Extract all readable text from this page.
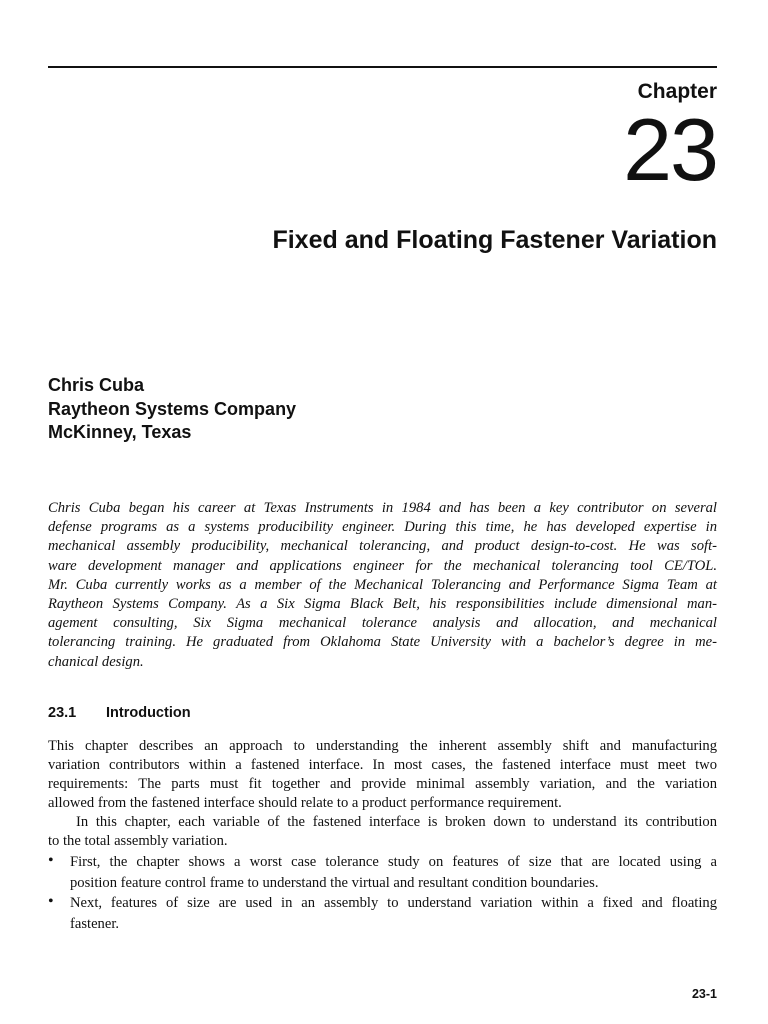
Chapter
23
Fixed and Floating Fastener Variation
Chris Cuba
Raytheon Systems Company
McKinney, Texas
Chris Cuba began his career at Texas Instruments in 1984 and has been a key contributor on several
defense programs as a systems producibility engineer. During this time, he has developed expertise in
mechanical assembly producibility, mechanical tolerancing, and product design-to-cost. He was soft-
ware development manager and applications engineer for the mechanical tolerancing tool CE/TOL.
Mr. Cuba currently works as a member of the Mechanical Tolerancing and Performance Sigma Team at
Raytheon Systems Company. As a Six Sigma Black Belt, his responsibilities include dimensional man-
agement consulting, Six Sigma mechanical tolerance analysis and allocation, and mechanical
tolerancing training. He graduated from Oklahoma State University with a bachelor’s degree in me-
chanical design.
23.1 Introduction
This chapter describes an approach to understanding the inherent assembly shift and manufacturing
variation contributors within a fastened interface. In most cases, the fastened interface must meet two
requirements: The parts must fit together and provide minimal assembly variation, and the variation
allowed from the fastened interface should relate to a product performance requirement.
In this chapter, each variable of the fastened interface is broken down to understand its contribution
to the total assembly variation.
• First, the chapter shows a worst case tolerance study on features of size that are located using a
position feature control frame to understand the virtual and resultant condition boundaries.
• Next, features of size are used in an assembly to understand variation within a fixed and floating
fastener.
23-1
